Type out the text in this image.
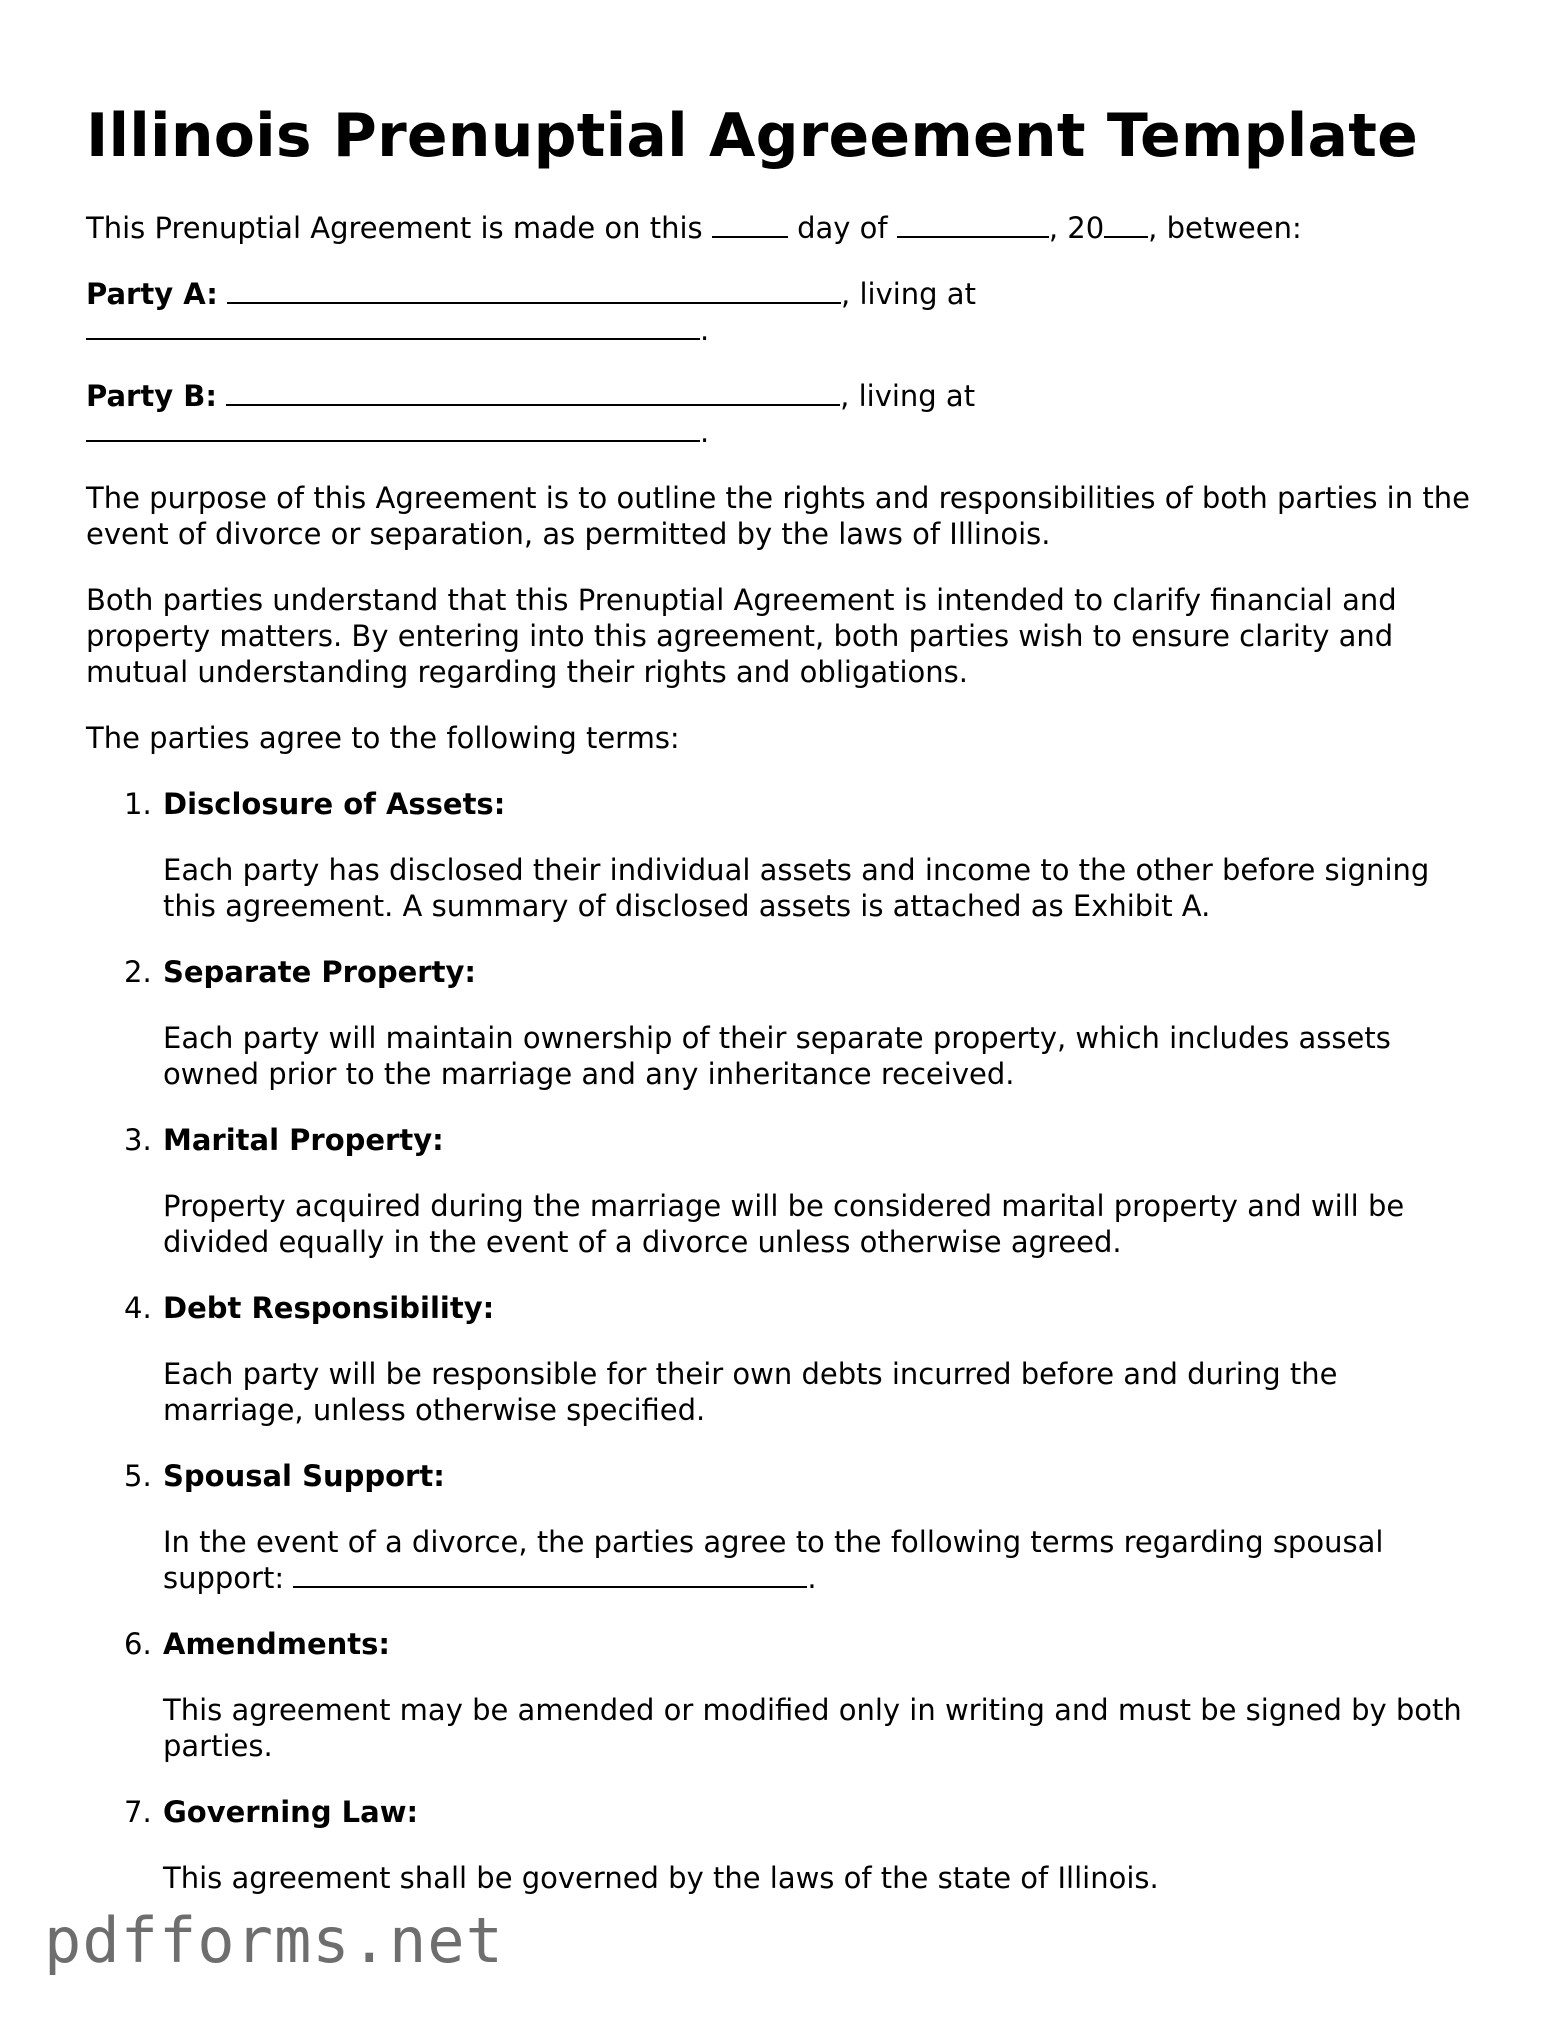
Illinois Prenuptial Agreement Template

This Prenuptial Agreement is made on this	day of	, 20 , between:

Party A:	, living at
.

Party B:	, living at
.

The purpose of this Agreement is to outline the rights and responsibilities of both parties in the event of divorce or separation, as permitted by the laws of Illinois.

Both parties understand that this Prenuptial Agreement is intended to clarify financial and property matters. By entering into this agreement, both parties wish to ensure clarity and mutual understanding regarding their rights and obligations.

The parties agree to the following terms:

1. Disclosure of Assets:

Each party has disclosed their individual assets and income to the other before signing this agreement. A summary of disclosed assets is attached as Exhibit A.

2. Separate Property:

Each party will maintain ownership of their separate property, which includes assets owned prior to the marriage and any inheritance received.

3. Marital Property:

Property acquired during the marriage will be considered marital property and will be divided equally in the event of a divorce unless otherwise agreed.

4. Debt Responsibility:

Each party will be responsible for their own debts incurred before and during the marriage, unless otherwise specified.

5. Spousal Support:

In the event of a divorce, the parties agree to the following terms regarding spousal support:	.

6. Amendments:

This agreement may be amended or modified only in writing and must be signed by both parties.

7. Governing Law:

This agreement shall be governed by the laws of the state of Illinois.

pdfforms.net
